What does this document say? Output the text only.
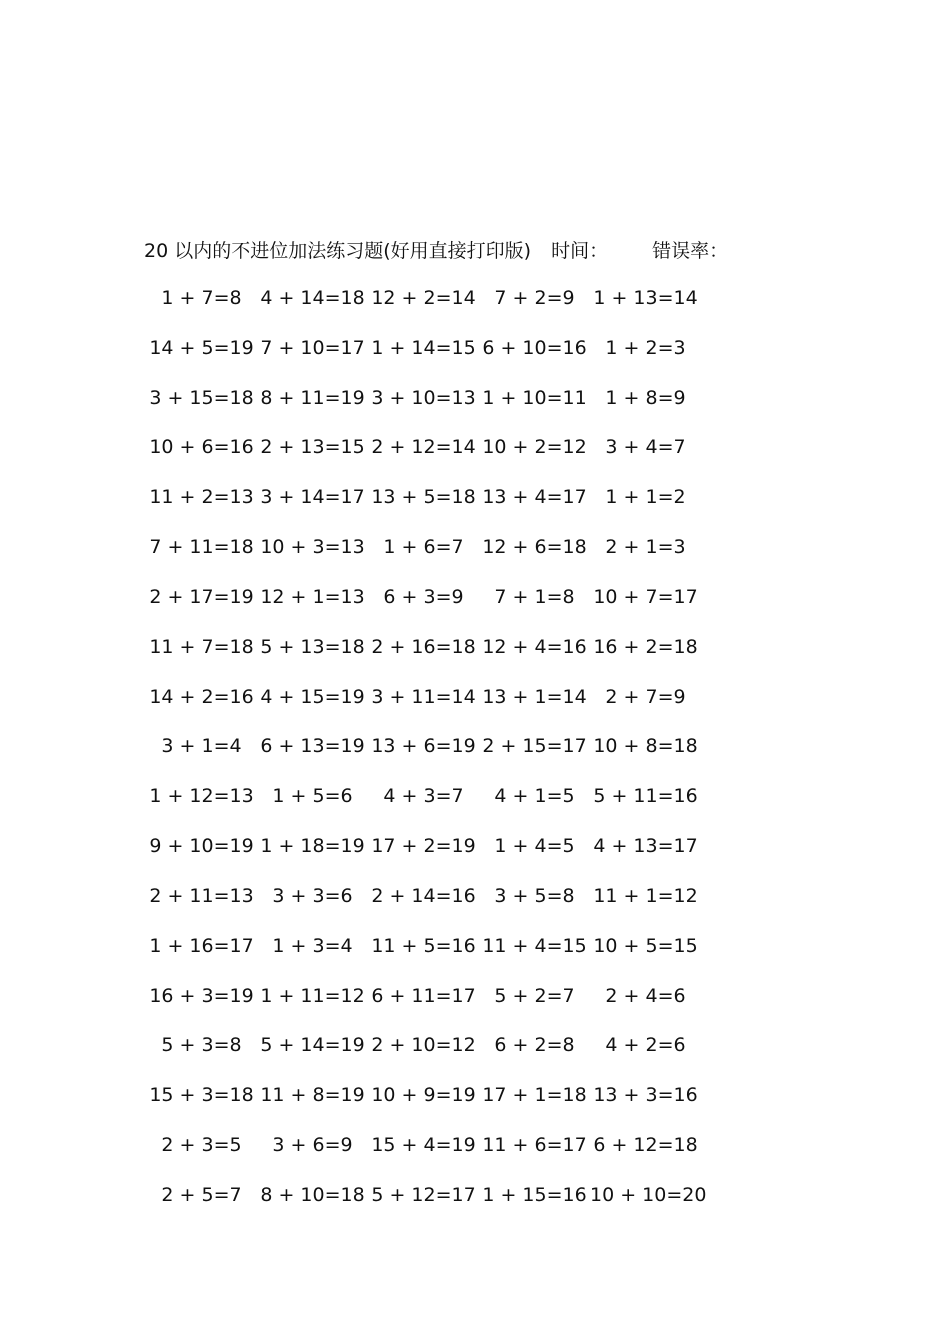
20 以内的不进位加法练习题(好用直接打印版) 时间： 错误率：
1 + 7=8 4 + 14=18 12 + 2=14 7 + 2=9 1 + 13=14
14 + 5=19 7 + 10=17 1 + 14=15 6 + 10=16 1 + 2=3
3 + 15=18 8 + 11=19 3 + 10=13 1 + 10=11 1 + 8=9
10 + 6=16 2 + 13=15 2 + 12=14 10 + 2=12 3 + 4=7
11 + 2=13 3 + 14=17 13 + 5=18 13 + 4=17 1 + 1=2
7 + 11=18 10 + 3=13 1 + 6=7 12 + 6=18 2 + 1=3
2 + 17=19 12 + 1=13 6 + 3=9	7 + 1=8 10 + 7=17
11 + 7=18 5 + 13=18 2 + 16=18 12 + 4=16 16 + 2=18
14 + 2=16 4 + 15=19 3 + 11=14 13 + 1=14 2 + 7=9
3 + 1=4 6 + 13=19 13 + 6=19 2 + 15=17 10 + 8=18
1 + 12=13 1 + 5=6	4 + 3=7	4 + 1=5 5 + 11=16
9 + 10=19 1 + 18=19 17 + 2=19 1 + 4=5 4 + 13=17
2 + 11=13 3 + 3=6 2 + 14=16 3 + 5=8 11 + 1=12
1 + 16=17 1 + 3=4 11 + 5=16 11 + 4=15 10 + 5=15
16 + 3=19 1 + 11=12 6 + 11=17 5 + 2=7	2 + 4=6
5 + 3=8 5 + 14=19 2 + 10=12 6 + 2=8	4 + 2=6
15 + 3=18 11 + 8=19 10 + 9=19 17 + 1=18 13 + 3=16
2 + 3=5	3 + 6=9 15 + 4=19 11 + 6=17 6 + 12=18
2 + 5=7 8 + 10=18 5 + 12=17 1 + 15=16 10 + 10=20
